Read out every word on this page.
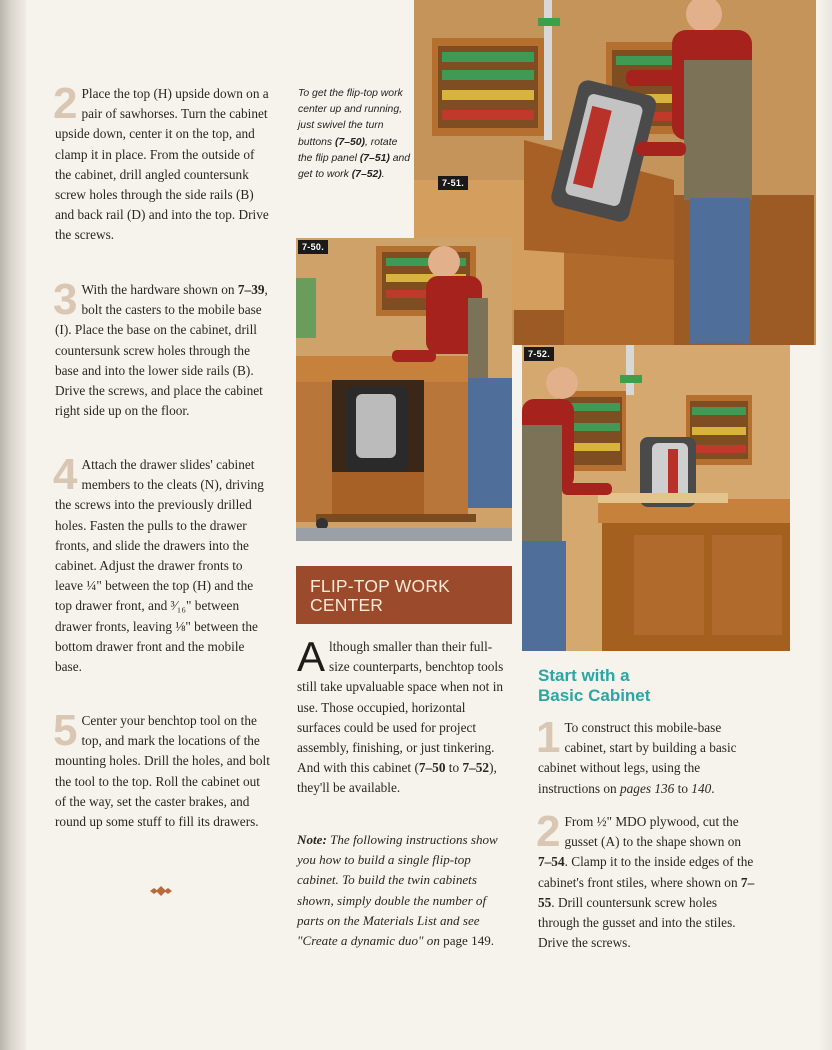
2 Place the top (H) upside down on a pair of sawhorses. Turn the cabinet upside down, center it on the top, and clamp it in place. From the outside of the cabinet, drill angled countersunk screw holes through the side rails (B) and back rail (D) and into the top. Drive the screws.
3 With the hardware shown on 7–39, bolt the casters to the mobile base (I). Place the base on the cabinet, drill countersunk screw holes through the base and into the lower side rails (B). Drive the screws, and place the cabinet right side up on the floor.
4 Attach the drawer slides' cabinet members to the cleats (N), driving the screws into the previously drilled holes. Fasten the pulls to the drawer fronts, and slide the drawers into the cabinet. Adjust the drawer fronts to leave ¼" between the top (H) and the top drawer front, and ³⁄₁₆" between drawer fronts, leaving ⅛" between the bottom drawer front and the mobile base.
5 Center your benchtop tool on the top, and mark the locations of the mounting holes. Drill the holes, and bolt the tool to the top. Roll the cabinet out of the way, set the caster brakes, and round up some stuff to fill its drawers.
To get the flip-top work center up and running, just swivel the turn buttons (7–50), rotate the flip panel (7–51) and get to work (7–52).
7-51.
7-50.
7-52.
FLIP-TOP WORK
CENTER
Although smaller than their full-size counterparts, benchtop tools still take upvaluable space when not in use. Those occupied, horizontal surfaces could be used for project assembly, finishing, or just tinkering. And with this cabinet (7–50 to 7–52), they'll be available.
Note: The following instructions show you how to build a single flip-top cabinet. To build the twin cabinets shown, simply double the number of parts on the Materials List and see "Create a dynamic duo" on page 149.
Start with a
Basic Cabinet
1 To construct this mobile-base cabinet, start by building a basic cabinet without legs, using the instructions on pages 136 to 140.
2 From ½" MDO plywood, cut the gusset (A) to the shape shown on 7–54. Clamp it to the inside edges of the cabinet's front stiles, where shown on 7–55. Drill countersunk screw holes through the gusset and into the stiles. Drive the screws.
